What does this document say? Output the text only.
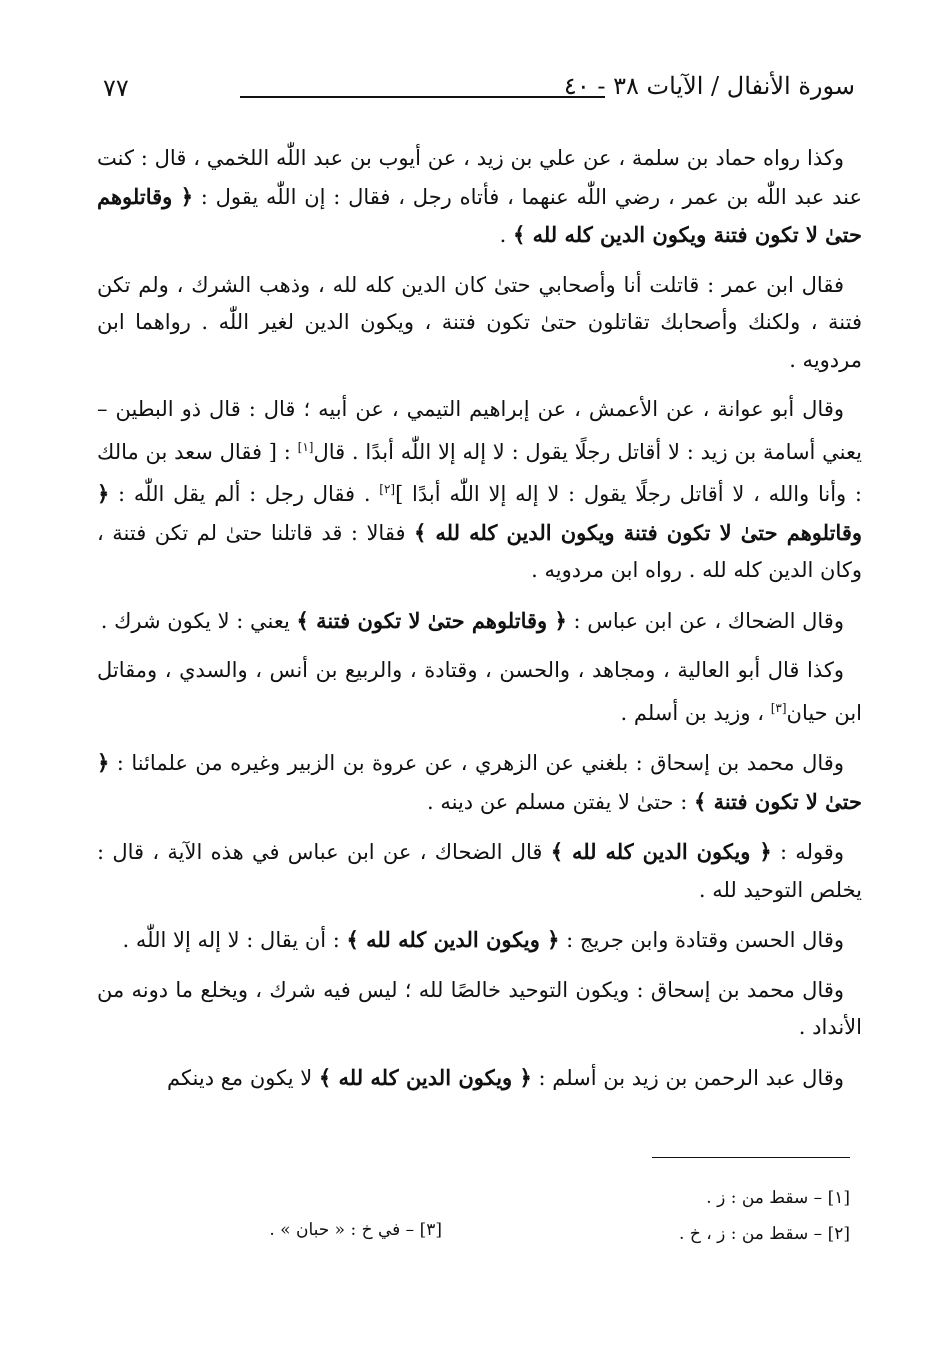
٧٧	سورة الأنفال / الآيات ٣٨ - ٤٠

وكذا رواه حماد بن سلمة ، عن علي بن زيد ، عن أيوب بن عبد اللّٰه اللخمي ، قال : كنت عند عبد اللّٰه بن عمر ، رضي اللّٰه عنهما ، فأتاه رجل ، فقال : إن اللّٰه يقول : ﴿ وقاتلوهم حتىٰ لا تكون فتنة ويكون الدين كله لله ﴾ .

فقال ابن عمر : قاتلت أنا وأصحابي حتىٰ كان الدين كله لله ، وذهب الشرك ، ولم تكن فتنة ، ولكنك وأصحابك تقاتلون حتىٰ تكون فتنة ، ويكون الدين لغير اللّٰه . رواهما ابن مردويه .

وقال أبو عوانة ، عن الأعمش ، عن إبراهيم التيمي ، عن أبيه ؛ قال : قال ذو البطين – يعني أسامة بن زيد : لا أقاتل رجلًا يقول : لا إله إلا اللّٰه أبدًا . قال[١] : [ فقال سعد بن مالك : وأنا والله ، لا أقاتل رجلًا يقول : لا إله إلا اللّٰه أبدًا ][٢] . فقال رجل : ألم يقل اللّٰه : ﴿ وقاتلوهم حتىٰ لا تكون فتنة ويكون الدين كله لله ﴾ فقالا : قد قاتلنا حتىٰ لم تكن فتنة ، وكان الدين كله لله . رواه ابن مردويه .

وقال الضحاك ، عن ابن عباس : ﴿ وقاتلوهم حتىٰ لا تكون فتنة ﴾ يعني : لا يكون شرك .

وكذا قال أبو العالية ، ومجاهد ، والحسن ، وقتادة ، والربيع بن أنس ، والسدي ، ومقاتل ابن حيان[٣] ، وزيد بن أسلم .

وقال محمد بن إسحاق : بلغني عن الزهري ، عن عروة بن الزبير وغيره من علمائنا : ﴿ حتىٰ لا تكون فتنة ﴾ : حتىٰ لا يفتن مسلم عن دينه .

وقوله : ﴿ ويكون الدين كله لله ﴾ قال الضحاك ، عن ابن عباس في هذه الآية ، قال : يخلص التوحيد لله .

وقال الحسن وقتادة وابن جريج : ﴿ ويكون الدين كله لله ﴾ : أن يقال : لا إله إلا اللّٰه .

وقال محمد بن إسحاق : ويكون التوحيد خالصًا لله ؛ ليس فيه شرك ، ويخلع ما دونه من الأنداد .

وقال عبد الرحمن بن زيد بن أسلم : ﴿ ويكون الدين كله لله ﴾ لا يكون مع دينكم

[١] – سقط من : ز .
[٢] – سقط من : ز ، خ .
[٣] – في خ : « حبان » .
